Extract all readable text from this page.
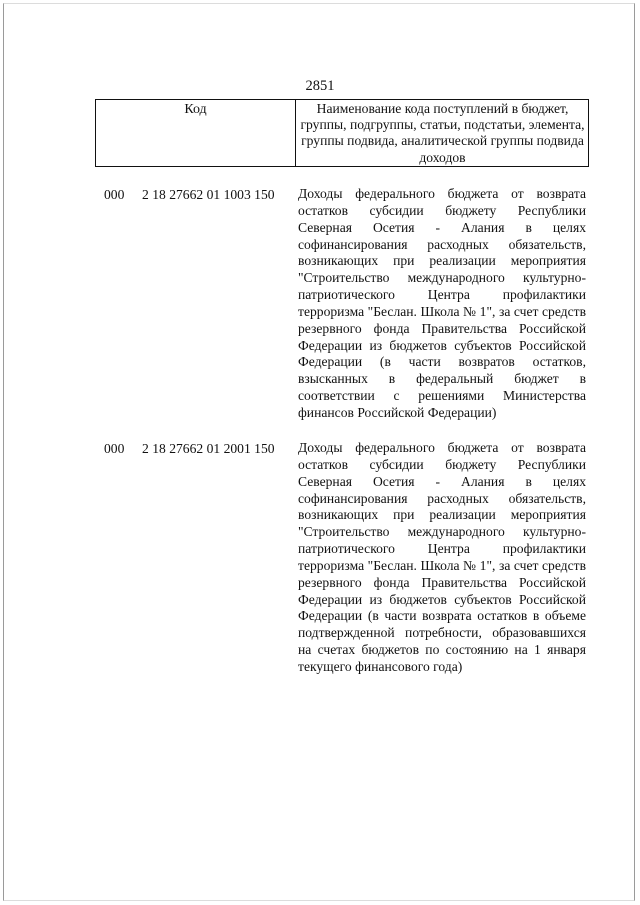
2851
Код	Наименование кода поступлений в бюджет, группы, подгруппы, статьи, подстатьи, элемента, группы подвида, аналитической группы подвида доходов
000 2 18 27662 01 1003 150 Доходы федерального бюджета от возврата остатков субсидии бюджету Республики Северная Осетия - Алания в целях софинансирования расходных обязательств, возникающих при реализации мероприятия "Строительство международного культурно-патриотического Центра профилактики терроризма "Беслан. Школа № 1", за счет средств резервного фонда Правительства Российской Федерации из бюджетов субъектов Российской Федерации (в части возвратов остатков, взысканных в федеральный бюджет в соответствии с решениями Министерства финансов Российской Федерации)
000 2 18 27662 01 2001 150 Доходы федерального бюджета от возврата остатков субсидии бюджету Республики Северная Осетия - Алания в целях софинансирования расходных обязательств, возникающих при реализации мероприятия "Строительство международного культурно-патриотического Центра профилактики терроризма "Беслан. Школа № 1", за счет средств резервного фонда Правительства Российской Федерации из бюджетов субъектов Российской Федерации (в части возврата остатков в объеме подтвержденной потребности, образовавшихся на счетах бюджетов по состоянию на 1 января текущего финансового года)
